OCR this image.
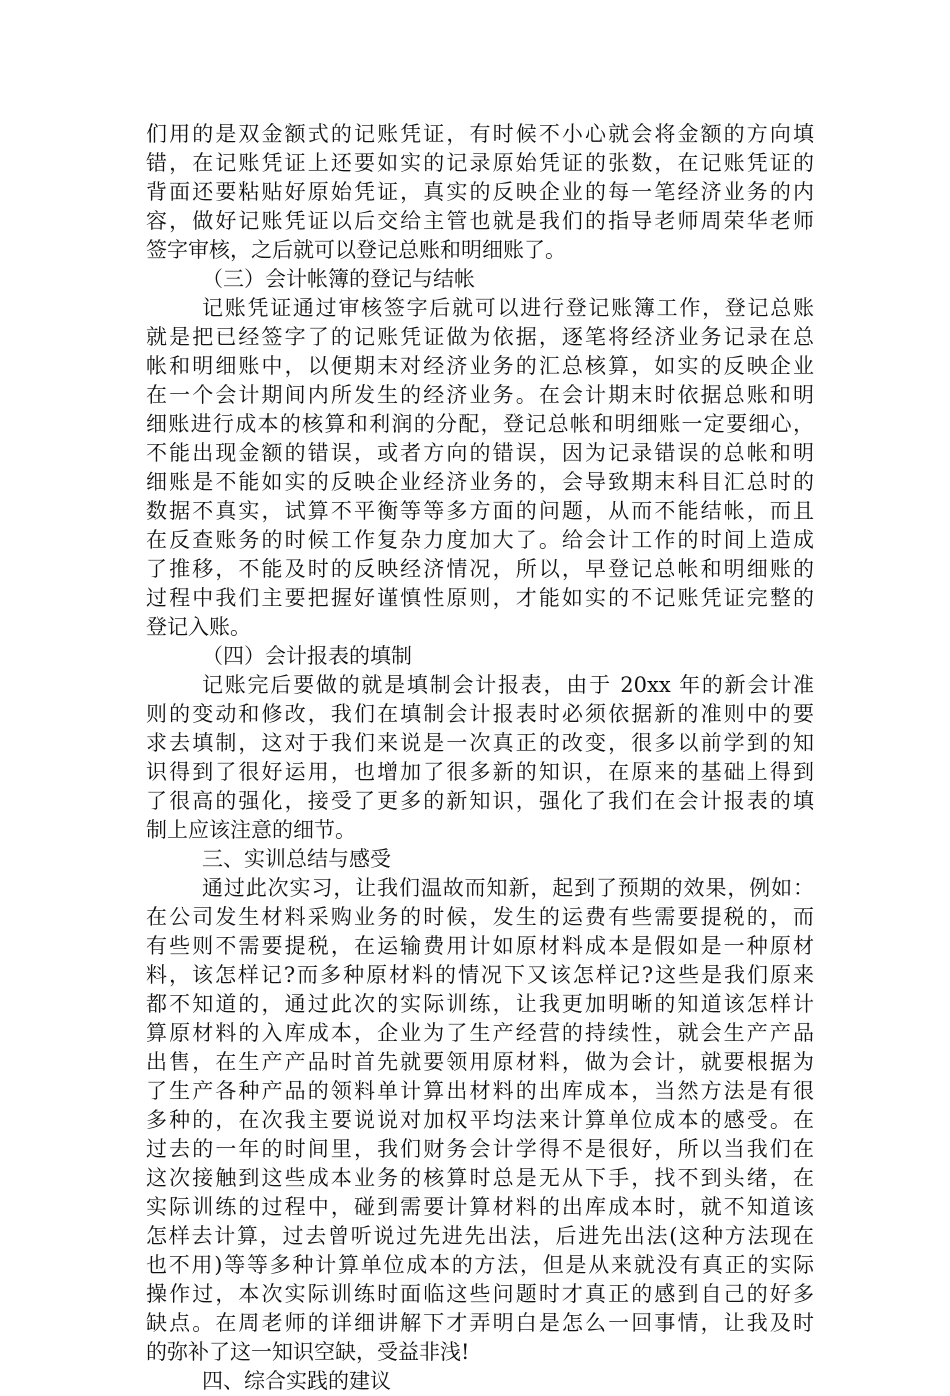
们用的是双金额式的记账凭证，有时候不小心就会将金额的方向填
错，在记账凭证上还要如实的记录原始凭证的张数，在记账凭证的
背面还要粘贴好原始凭证，真实的反映企业的每一笔经济业务的内
容，做好记账凭证以后交给主管也就是我们的指导老师周荣华老师
签字审核，之后就可以登记总账和明细账了。
（三）会计帐簿的登记与结帐
记账凭证通过审核签字后就可以进行登记账簿工作，登记总账
就是把已经签字了的记账凭证做为依据，逐笔将经济业务记录在总
帐和明细账中，以便期末对经济业务的汇总核算，如实的反映企业
在一个会计期间内所发生的经济业务。在会计期末时依据总账和明
细账进行成本的核算和利润的分配，登记总帐和明细账一定要细心，
不能出现金额的错误，或者方向的错误，因为记录错误的总帐和明
细账是不能如实的反映企业经济业务的，会导致期末科目汇总时的
数据不真实，试算不平衡等等多方面的问题，从而不能结帐，而且
在反查账务的时候工作复杂力度加大了。给会计工作的时间上造成
了推移，不能及时的反映经济情况，所以，早登记总帐和明细账的
过程中我们主要把握好谨慎性原则，才能如实的不记账凭证完整的
登记入账。
（四）会计报表的填制
记账完后要做的就是填制会计报表，由于 20xx 年的新会计准
则的变动和修改，我们在填制会计报表时必须依据新的准则中的要
求去填制，这对于我们来说是一次真正的改变，很多以前学到的知
识得到了很好运用，也增加了很多新的知识，在原来的基础上得到
了很高的强化，接受了更多的新知识，强化了我们在会计报表的填
制上应该注意的细节。
三、实训总结与感受
通过此次实习，让我们温故而知新，起到了预期的效果，例如：
在公司发生材料采购业务的时候，发生的运费有些需要提税的，而
有些则不需要提税，在运输费用计如原材料成本是假如是一种原材
料，该怎样记?而多种原材料的情况下又该怎样记?这些是我们原来
都不知道的，通过此次的实际训练，让我更加明晰的知道该怎样计
算原材料的入库成本，企业为了生产经营的持续性，就会生产产品
出售，在生产产品时首先就要领用原材料，做为会计，就要根据为
了生产各种产品的领料单计算出材料的出库成本，当然方法是有很
多种的，在次我主要说说对加权平均法来计算单位成本的感受。在
过去的一年的时间里，我们财务会计学得不是很好，所以当我们在
这次接触到这些成本业务的核算时总是无从下手，找不到头绪，在
实际训练的过程中，碰到需要计算材料的出库成本时，就不知道该
怎样去计算，过去曾听说过先进先出法，后进先出法(这种方法现在
也不用)等等多种计算单位成本的方法，但是从来就没有真正的实际
操作过，本次实际训练时面临这些问题时才真正的感到自己的好多
缺点。在周老师的详细讲解下才弄明白是怎么一回事情，让我及时
的弥补了这一知识空缺，受益非浅!
四、综合实践的建议
